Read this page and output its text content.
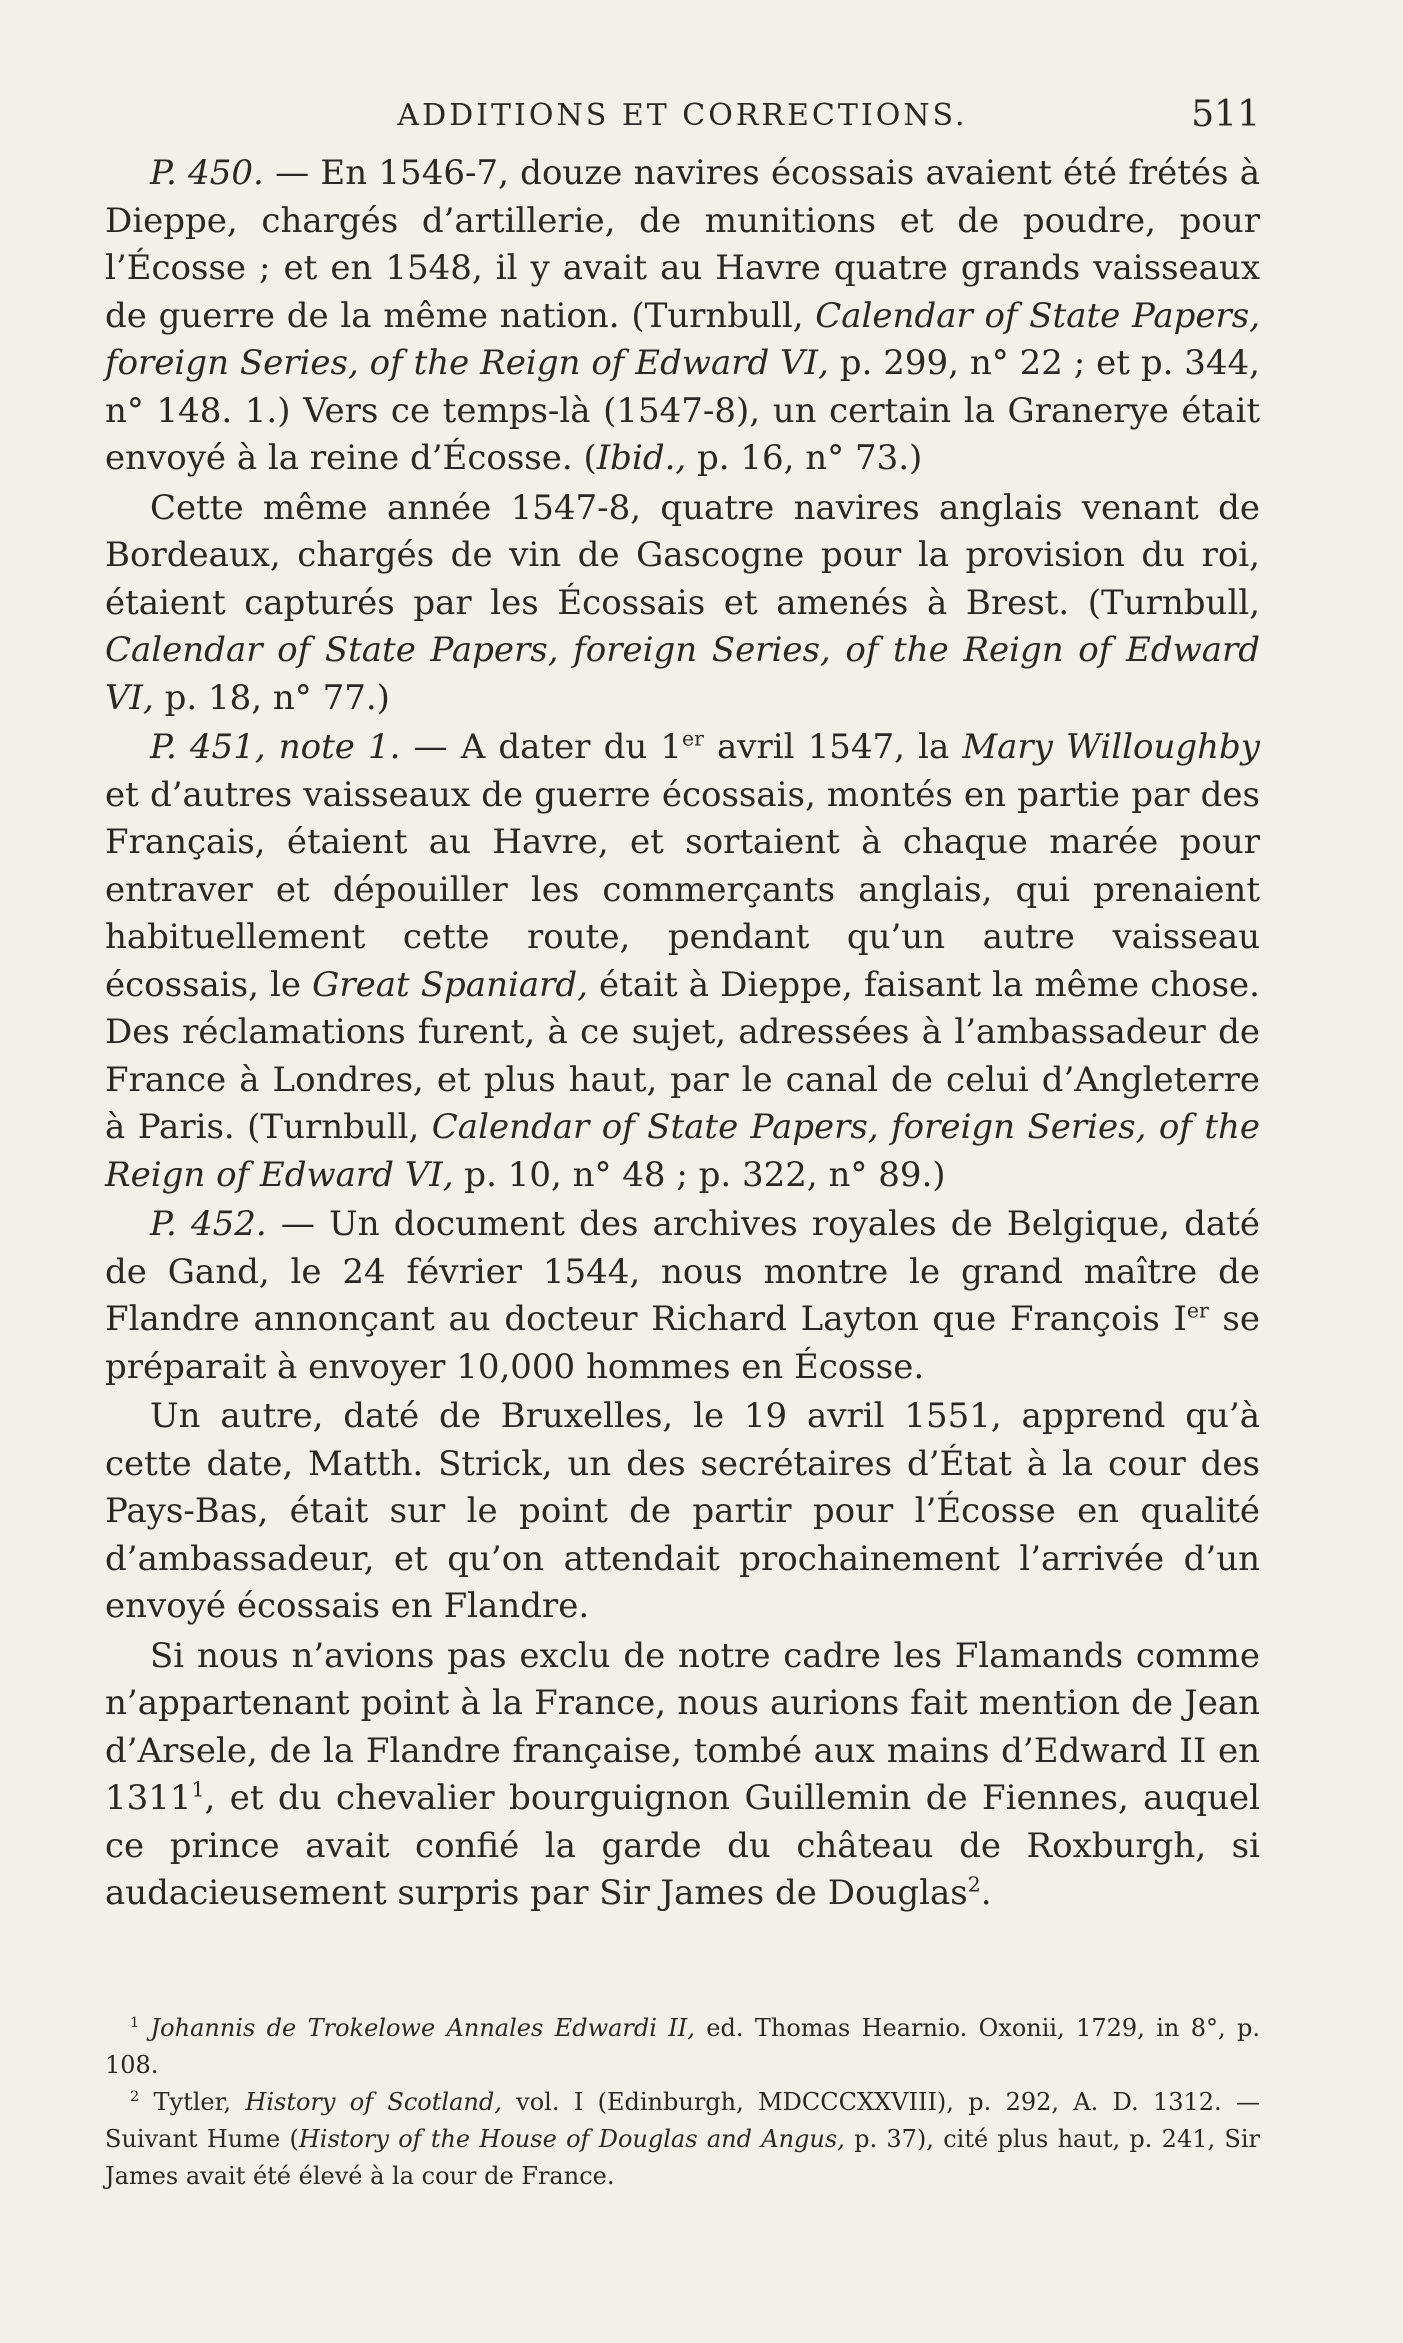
ADDITIONS ET CORRECTIONS.	511

P. 450. — En 1546-7, douze navires écossais avaient été frétés à Dieppe, chargés d’artillerie, de munitions et de poudre, pour l’Écosse ; et en 1548, il y avait au Havre quatre grands vaisseaux de guerre de la même nation. (Turnbull, Calendar of State Papers, foreign Series, of the Reign of Edward VI, p. 299, n° 22 ; et p. 344, n° 148. 1.) Vers ce temps-là (1547-8), un certain la Granerye était envoyé à la reine d’Écosse. (Ibid., p. 16, n° 73.)

Cette même année 1547-8, quatre navires anglais venant de Bordeaux, chargés de vin de Gascogne pour la provision du roi, étaient capturés par les Écossais et amenés à Brest. (Turnbull, Calendar of State Papers, foreign Series, of the Reign of Edward VI, p. 18, n° 77.)

P. 451, note 1. — A dater du 1er avril 1547, la Mary Willoughby et d’autres vaisseaux de guerre écossais, montés en partie par des Français, étaient au Havre, et sortaient à chaque marée pour entraver et dépouiller les commerçants anglais, qui prenaient habituellement cette route, pendant qu’un autre vaisseau écossais, le Great Spaniard, était à Dieppe, faisant la même chose. Des réclamations furent, à ce sujet, adressées à l’ambassadeur de France à Londres, et plus haut, par le canal de celui d’Angleterre à Paris. (Turnbull, Calendar of State Papers, foreign Series, of the Reign of Edward VI, p. 10, n° 48 ; p. 322, n° 89.)

P. 452. — Un document des archives royales de Belgique, daté de Gand, le 24 février 1544, nous montre le grand maître de Flandre annonçant au docteur Richard Layton que François Ier se préparait à envoyer 10,000 hommes en Écosse.

Un autre, daté de Bruxelles, le 19 avril 1551, apprend qu’à cette date, Matth. Strick, un des secrétaires d’État à la cour des Pays-Bas, était sur le point de partir pour l’Écosse en qualité d’ambassadeur, et qu’on attendait prochainement l’arrivée d’un envoyé écossais en Flandre.

Si nous n’avions pas exclu de notre cadre les Flamands comme n’appartenant point à la France, nous aurions fait mention de Jean d’Arsele, de la Flandre française, tombé aux mains d’Edward II en 1311$^1$, et du chevalier bourguignon Guillemin de Fiennes, auquel ce prince avait confié la garde du château de Roxburgh, si audacieusement surpris par Sir James de Douglas$^2$.

$^1$ Johannis de Trokelowe Annales Edwardi II, ed. Thomas Hearnio. Oxonii, 1729, in 8°, p. 108.

$^2$ Tytler, History of Scotland, vol. I (Edinburgh, MDCCCXXVIII), p. 292, A. D. 1312. — Suivant Hume (History of the House of Douglas and Angus, p. 37), cité plus haut, p. 241, Sir James avait été élevé à la cour de France.
